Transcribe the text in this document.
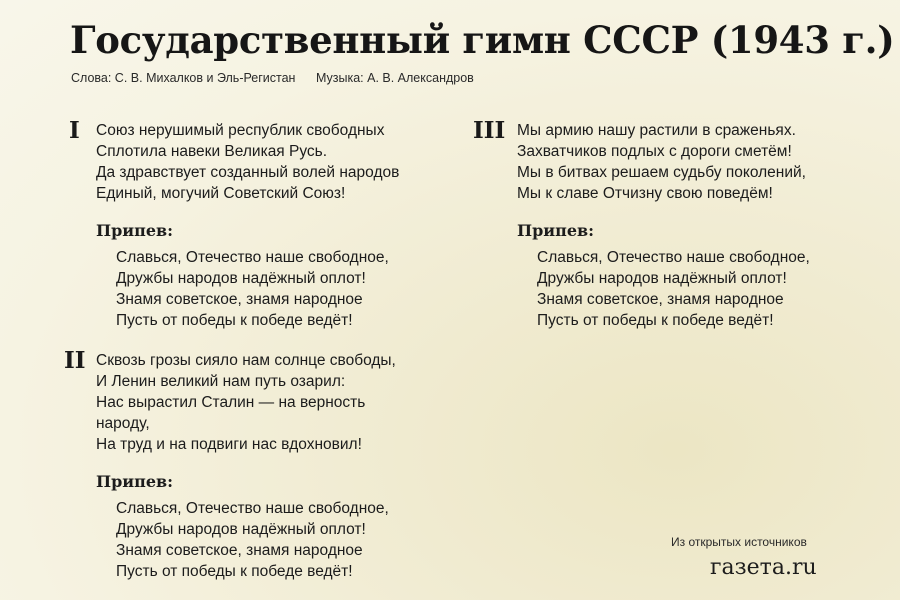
Государственный гимн СССР (1943 г.)
Слова: С. В. Михалков и Эль-Регистан Музыка: А. В. Александров
I Союз нерушимый республик свободных
Сплотила навеки Великая Русь.
Да здравствует созданный волей народов
Единый, могучий Советский Союз!
Припев:
Славься, Отечество наше свободное,
Дружбы народов надёжный оплот!
Знамя советское, знамя народное
Пусть от победы к победе ведёт!
II Сквозь грозы сияло нам солнце свободы,
И Ленин великий нам путь озарил:
Нас вырастил Сталин — на верность
народу,
На труд и на подвиги нас вдохновил!
Припев:
Славься, Отечество наше свободное,
Дружбы народов надёжный оплот!
Знамя советское, знамя народное
Пусть от победы к победе ведёт!
III Мы армию нашу растили в сраженьях.
Захватчиков подлых с дороги сметём!
Мы в битвах решаем судьбу поколений,
Мы к славе Отчизну свою поведём!
Припев:
Славься, Отечество наше свободное,
Дружбы народов надёжный оплот!
Знамя советское, знамя народное
Пусть от победы к победе ведёт!
Из открытых источников
газета.ru
